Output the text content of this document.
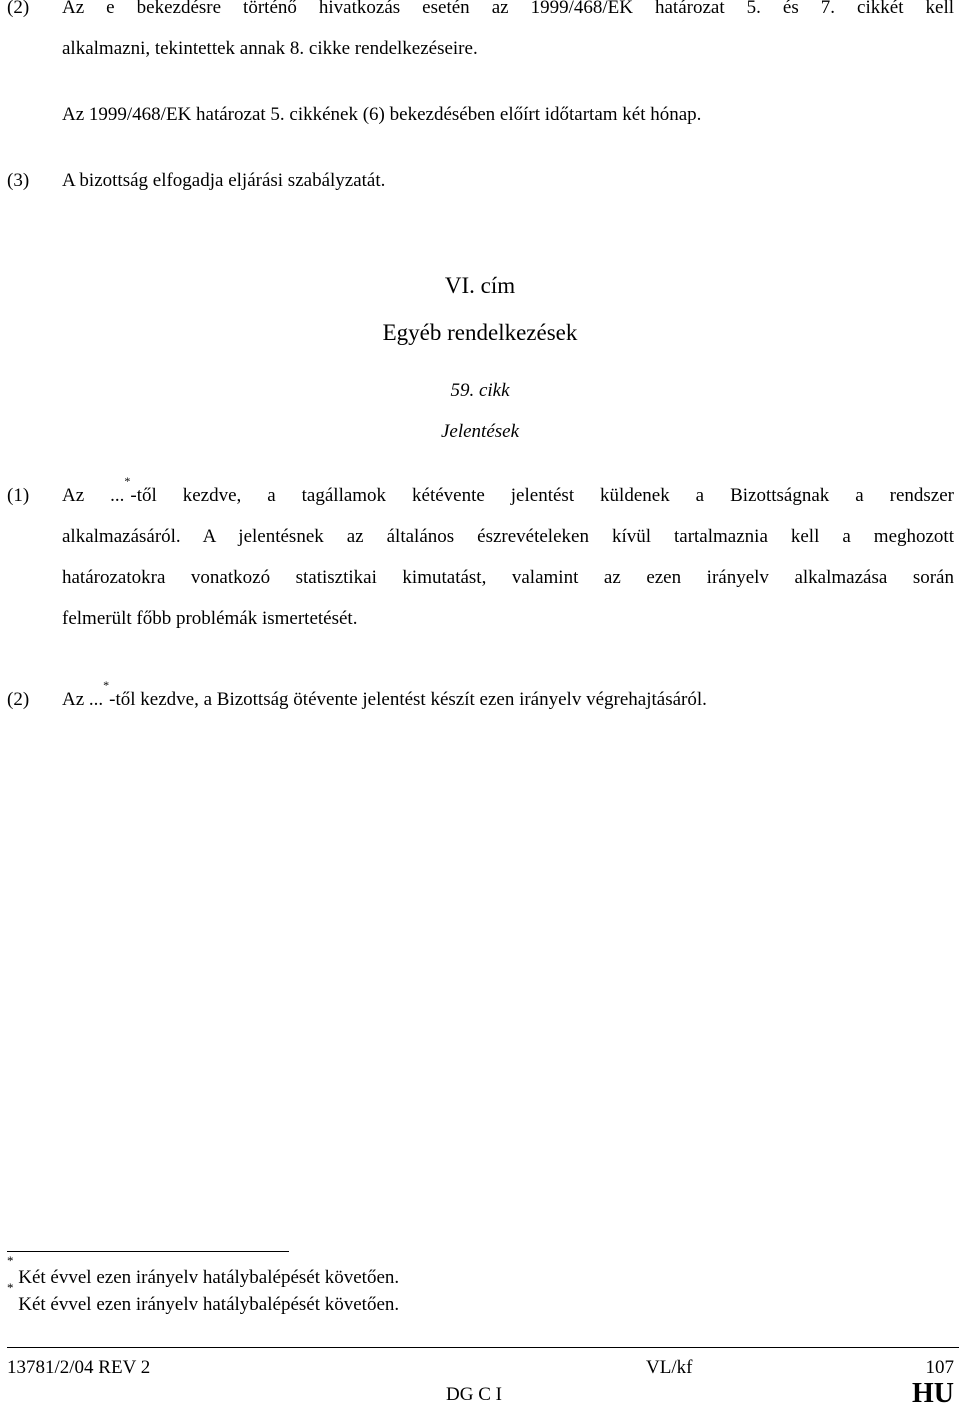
(2) Az e bekezdésre történő hivatkozás esetén az 1999/468/EK határozat 5. és 7. cikkét kell
alkalmazni, tekintettek annak 8. cikke rendelkezéseire.
Az 1999/468/EK határozat 5. cikkének (6) bekezdésében előírt időtartam két hónap.
(3) A bizottság elfogadja eljárási szabályzatát.
VI. cím
Egyéb rendelkezések
59. cikk
Jelentések
(1) Az ...*-től kezdve, a tagállamok kétévente jelentést küldenek a Bizottságnak a rendszer
alkalmazásáról. A jelentésnek az általános észrevételeken kívül tartalmaznia kell a meghozott
határozatokra vonatkozó statisztikai kimutatást, valamint az ezen irányelv alkalmazása során
felmerült főbb problémák ismertetését.
(2) Az ...*-től kezdve, a Bizottság ötévente jelentést készít ezen irányelv végrehajtásáról.
* Két évvel ezen irányelv hatálybalépését követően.
* Két évvel ezen irányelv hatálybalépését követően.
13781/2/04 REV 2	VL/kf	107
DG C I	HU
